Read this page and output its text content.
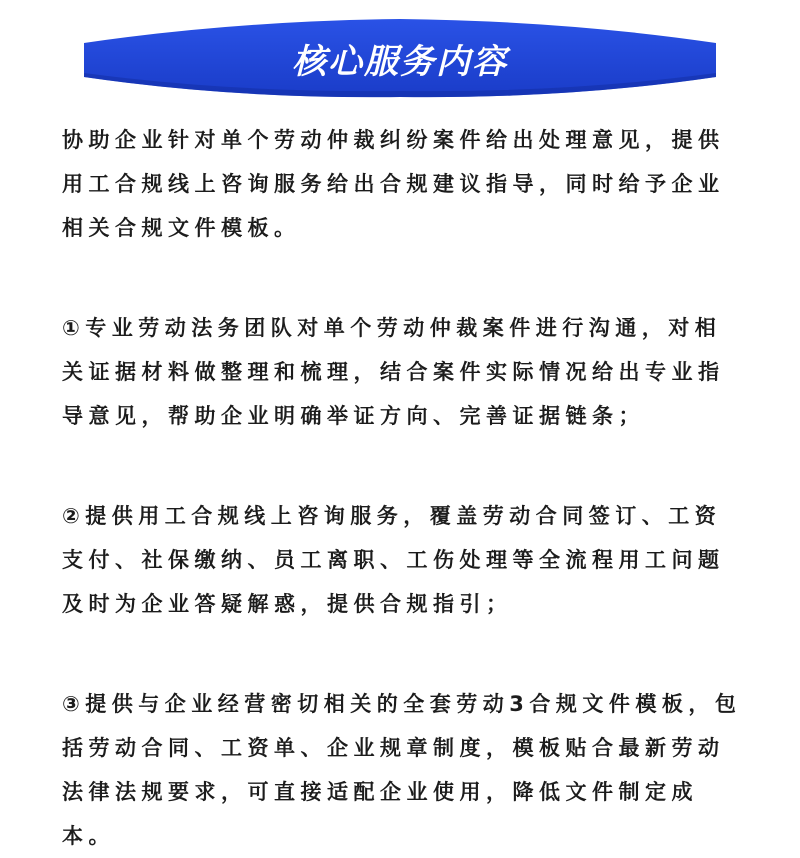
核心服务内容
协助企业针对单个劳动仲裁纠纷案件给出处理意见，提供
用工合规线上咨询服务给出合规建议指导，同时给予企业
相关合规文件模板。
①专业劳动法务团队对单个劳动仲裁案件进行沟通，对相
关证据材料做整理和梳理，结合案件实际情况给出专业指
导意见，帮助企业明确举证方向、完善证据链条；
②提供用工合规线上咨询服务，覆盖劳动合同签订、工资
支付、社保缴纳、员工离职、工伤处理等全流程用工问题
及时为企业答疑解惑，提供合规指引；
③提供与企业经营密切相关的全套劳动3合规文件模板，包
括劳动合同、工资单、企业规章制度，模板贴合最新劳动
法律法规要求，可直接适配企业使用，降低文件制定成
本。
